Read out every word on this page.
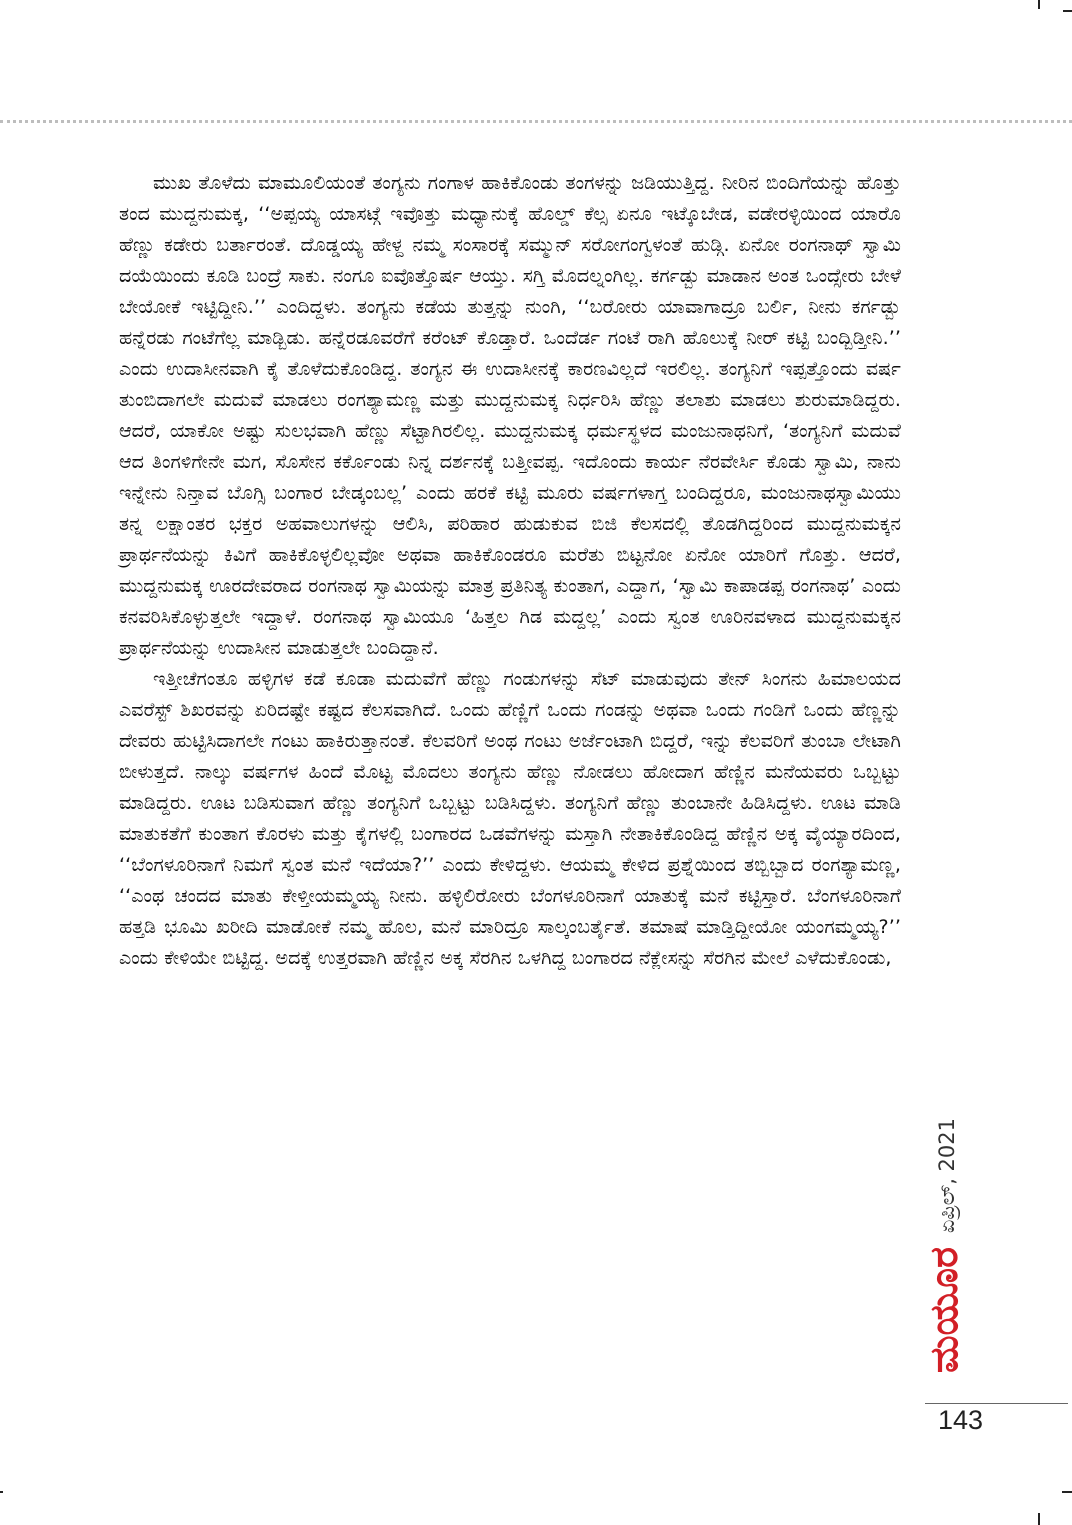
ಮುಖ ತೊಳೆದು ಮಾಮೂಲಿಯಂತೆ ತಂಗ್ಯನು ಗಂಗಾಳ ಹಾಕಿಕೊಂಡು ತಂಗಳನ್ನು ಜಡಿಯುತ್ತಿದ್ದ. ನೀರಿನ ಬಿಂದಿಗೆಯನ್ನು ಹೊತ್ತು ತಂದ ಮುದ್ದನುಮಕ್ಕ, ‘‘ಅಪ್ಪಯ್ಯ ಯಾಸಟ್ಗೆ ಇವೊತ್ತು ಮಧ್ಯಾನುಕ್ಕೆ ಹೊಲ್ಡ್ ಕೆಲ್ಸ ಏನೂ ಇಟ್ಕೊಬೇಡ, ವಡೇರಳ್ಳಿಯಿಂದ ಯಾರೊ ಹೆಣ್ಣು ಕಡೇರು ಬರ್ತಾರಂತೆ. ದೊಡ್ಡಯ್ಯ ಹೇಳ್ದ ನಮ್ಮ ಸಂಸಾರಕ್ಕೆ ಸಮ್ಮುನ್ ಸರೋಗಂಗ್ವಳಂತೆ ಹುಡ್ಗಿ. ಏನೋ ರಂಗನಾಥ್ ಸ್ವಾಮಿ ದಯೆಯಿಂದು ಕೂಡಿ ಬಂದ್ರೆ ಸಾಕು. ನಂಗೂ ಐವೊತ್ತೊರ್ಷ ಆಯ್ತು. ಸಗ್ತಿ ಮೊದಲ್ನಂಗಿಲ್ಲ. ಕರ್ಗಡ್ಬು ಮಾಡಾನ ಅಂತ ಒಂದ್ಸೇರು ಬೇಳೆ ಬೇಯೋಕೆ ಇಟ್ಟಿದ್ದೀನಿ.’’ ಎಂದಿದ್ದಳು. ತಂಗ್ಯನು ಕಡೆಯ ತುತ್ತನ್ನು ನುಂಗಿ, ‘‘ಬರೋರು ಯಾವಾಗಾದ್ರೂ ಬರ್ಲಿ, ನೀನು ಕರ್ಗಡ್ಬು ಹನ್ನೆರಡು ಗಂಟೆಗೆಲ್ಲ ಮಾಡ್ಬಿಡು. ಹನ್ನೆರಡೂವರೆಗೆ ಕರೆಂಟ್ ಕೊಡ್ತಾರೆ. ಒಂದೆರ್ಡ ಗಂಟೆ ರಾಗಿ ಹೊಲುಕ್ಕೆ ನೀರ್ ಕಟ್ಟಿ ಬಂದ್ಬಿಡ್ತೀನಿ.’’ ಎಂದು ಉದಾಸೀನವಾಗಿ ಕೈ ತೊಳೆದುಕೊಂಡಿದ್ದ. ತಂಗ್ಯನ ಈ ಉದಾಸೀನಕ್ಕೆ ಕಾರಣವಿಲ್ಲದೆ ಇರಲಿಲ್ಲ. ತಂಗ್ಯನಿಗೆ ಇಪ್ಪತ್ತೊಂದು ವರ್ಷ ತುಂಬಿದಾಗಲೇ ಮದುವೆ ಮಾಡಲು ರಂಗಶ್ಯಾಮಣ್ಣ ಮತ್ತು ಮುದ್ದನುಮಕ್ಕ ನಿರ್ಧರಿಸಿ ಹೆಣ್ಣು ತಲಾಶು ಮಾಡಲು ಶುರುಮಾಡಿದ್ದರು. ಆದರೆ, ಯಾಕೋ ಅಷ್ಟು ಸುಲಭವಾಗಿ ಹೆಣ್ಣು ಸೆಟ್ಟಾಗಿರಲಿಲ್ಲ. ಮುದ್ದನುಮಕ್ಕ ಧರ್ಮಸ್ಥಳದ ಮಂಜುನಾಥನಿಗೆ, ‘ತಂಗ್ಯನಿಗೆ ಮದುವೆ ಆದ ತಿಂಗಳಿಗೇನೇ ಮಗ, ಸೊಸೇನ ಕರ್ಕೊಂಡು ನಿನ್ನ ದರ್ಶನಕ್ಕೆ ಬತ್ತೀವಪ್ಪ. ಇದೊಂದು ಕಾರ್ಯ ನೆರವೇರ್ಸಿ ಕೊಡು ಸ್ವಾಮಿ, ನಾನು ಇನ್ನೇನು ನಿನ್ತಾವ ಬೊಗ್ಸಿ ಬಂಗಾರ ಬೇಡ್ಕಂಬಲ್ಲ’ ಎಂದು ಹರಕೆ ಕಟ್ಟಿ ಮೂರು ವರ್ಷಗಳಾಗ್ತ ಬಂದಿದ್ದರೂ, ಮಂಜುನಾಥಸ್ವಾಮಿಯು ತನ್ನ ಲಕ್ಷಾಂತರ ಭಕ್ತರ ಅಹವಾಲುಗಳನ್ನು ಆಲಿಸಿ, ಪರಿಹಾರ ಹುಡುಕುವ ಬಿಜಿ ಕೆಲಸದಲ್ಲಿ ತೊಡಗಿದ್ದರಿಂದ ಮುದ್ದನುಮಕ್ಕನ ಪ್ರಾರ್ಥನೆಯನ್ನು ಕಿವಿಗೆ ಹಾಕಿಕೊಳ್ಳಲಿಲ್ಲವೋ ಅಥವಾ ಹಾಕಿಕೊಂಡರೂ ಮರೆತು ಬಿಟ್ಟನೋ ಏನೋ ಯಾರಿಗೆ ಗೊತ್ತು. ಆದರೆ, ಮುದ್ದನುಮಕ್ಕ ಊರದೇವರಾದ ರಂಗನಾಥ ಸ್ವಾಮಿಯನ್ನು ಮಾತ್ರ ಪ್ರತಿನಿತ್ಯ ಕುಂತಾಗ, ಎದ್ದಾಗ, ‘ಸ್ವಾಮಿ ಕಾಪಾಡಪ್ಪ ರಂಗನಾಥ’ ಎಂದು ಕನವರಿಸಿಕೊಳ್ಳುತ್ತಲೇ ಇದ್ದಾಳೆ. ರಂಗನಾಥ ಸ್ವಾಮಿಯೂ ‘ಹಿತ್ತಲ ಗಿಡ ಮದ್ದಲ್ಲ’ ಎಂದು ಸ್ವಂತ ಊರಿನವಳಾದ ಮುದ್ದನುಮಕ್ಕನ ಪ್ರಾರ್ಥನೆಯನ್ನು ಉದಾಸೀನ ಮಾಡುತ್ತಲೇ ಬಂದಿದ್ದಾನೆ.

ಇತ್ತೀಚೆಗಂತೂ ಹಳ್ಳಿಗಳ ಕಡೆ ಕೂಡಾ ಮದುವೆಗೆ ಹೆಣ್ಣು ಗಂಡುಗಳನ್ನು ಸೆಟ್ ಮಾಡುವುದು ತೇನ್ ಸಿಂಗನು ಹಿಮಾಲಯದ ಎವರೆಸ್ಟ್ ಶಿಖರವನ್ನು ಏರಿದಷ್ಟೇ ಕಷ್ಟದ ಕೆಲಸವಾಗಿದೆ. ಒಂದು ಹೆಣ್ಣಿಗೆ ಒಂದು ಗಂಡನ್ನು ಅಥವಾ ಒಂದು ಗಂಡಿಗೆ ಒಂದು ಹೆಣ್ಣನ್ನು ದೇವರು ಹುಟ್ಟಿಸಿದಾಗಲೇ ಗಂಟು ಹಾಕಿರುತ್ತಾನಂತೆ. ಕೆಲವರಿಗೆ ಅಂಥ ಗಂಟು ಅರ್ಜೆಂಟಾಗಿ ಬಿದ್ದರೆ, ಇನ್ನು ಕೆಲವರಿಗೆ ತುಂಬಾ ಲೇಟಾಗಿ ಬೀಳುತ್ತದೆ. ನಾಲ್ಕು ವರ್ಷಗಳ ಹಿಂದೆ ಮೊಟ್ಟ ಮೊದಲು ತಂಗ್ಯನು ಹೆಣ್ಣು ನೋಡಲು ಹೋದಾಗ ಹೆಣ್ಣಿನ ಮನೆಯವರು ಒಬ್ಬಟ್ಟು ಮಾಡಿದ್ದರು. ಊಟ ಬಡಿಸುವಾಗ ಹೆಣ್ಣು ತಂಗ್ಯನಿಗೆ ಒಬ್ಬಟ್ಟು ಬಡಿಸಿದ್ದಳು. ತಂಗ್ಯನಿಗೆ ಹೆಣ್ಣು ತುಂಬಾನೇ ಹಿಡಿಸಿದ್ದಳು. ಊಟ ಮಾಡಿ ಮಾತುಕತೆಗೆ ಕುಂತಾಗ ಕೊರಳು ಮತ್ತು ಕೈಗಳಲ್ಲಿ ಬಂಗಾರದ ಒಡವೆಗಳನ್ನು ಮಸ್ತಾಗಿ ನೇತಾಕಿಕೊಂಡಿದ್ದ ಹೆಣ್ಣಿನ ಅಕ್ಕ ವೈಯ್ಯಾರದಿಂದ, ‘‘ಬೆಂಗಳೂರಿನಾಗೆ ನಿಮಗೆ ಸ್ವಂತ ಮನೆ ಇದೆಯಾ?’’ ಎಂದು ಕೇಳಿದ್ದಳು. ಆಯಮ್ಮ ಕೇಳಿದ ಪ್ರಶ್ನೆಯಿಂದ ತಬ್ಬಿಬ್ಬಾದ ರಂಗಶ್ಯಾಮಣ್ಣ, ‘‘ಎಂಥ ಚಂದದ ಮಾತು ಕೇಳ್ತೀಯಮ್ಮಯ್ಯ ನೀನು. ಹಳ್ಳಿಲಿರೋರು ಬೆಂಗಳೂರಿನಾಗೆ ಯಾತುಕ್ಕೆ ಮನೆ ಕಟ್ಟಿಸ್ತಾರೆ. ಬೆಂಗಳೂರಿನಾಗೆ ಹತ್ತಡಿ ಭೂಮಿ ಖರೀದಿ ಮಾಡೋಕೆ ನಮ್ಮ ಹೊಲ, ಮನೆ ಮಾರಿದ್ರೂ ಸಾಲ್ಕಂಬರ್ತೈತೆ. ತಮಾಷೆ ಮಾಡ್ತಿದ್ದೀಯೋ ಯಂಗಮ್ಮಯ್ಯ?’’ ಎಂದು ಕೇಳಿಯೇ ಬಿಟ್ಟಿದ್ದ. ಅದಕ್ಕೆ ಉತ್ತರವಾಗಿ ಹೆಣ್ಣಿನ ಅಕ್ಕ ಸೆರಗಿನ ಒಳಗಿದ್ದ ಬಂಗಾರದ ನೆಕ್ಲೇಸನ್ನು ಸೆರಗಿನ ಮೇಲೆ ಎಳೆದುಕೊಂಡು,

ಏಪ್ರಿಲ್, 2021
ಮಯೂರ
143
